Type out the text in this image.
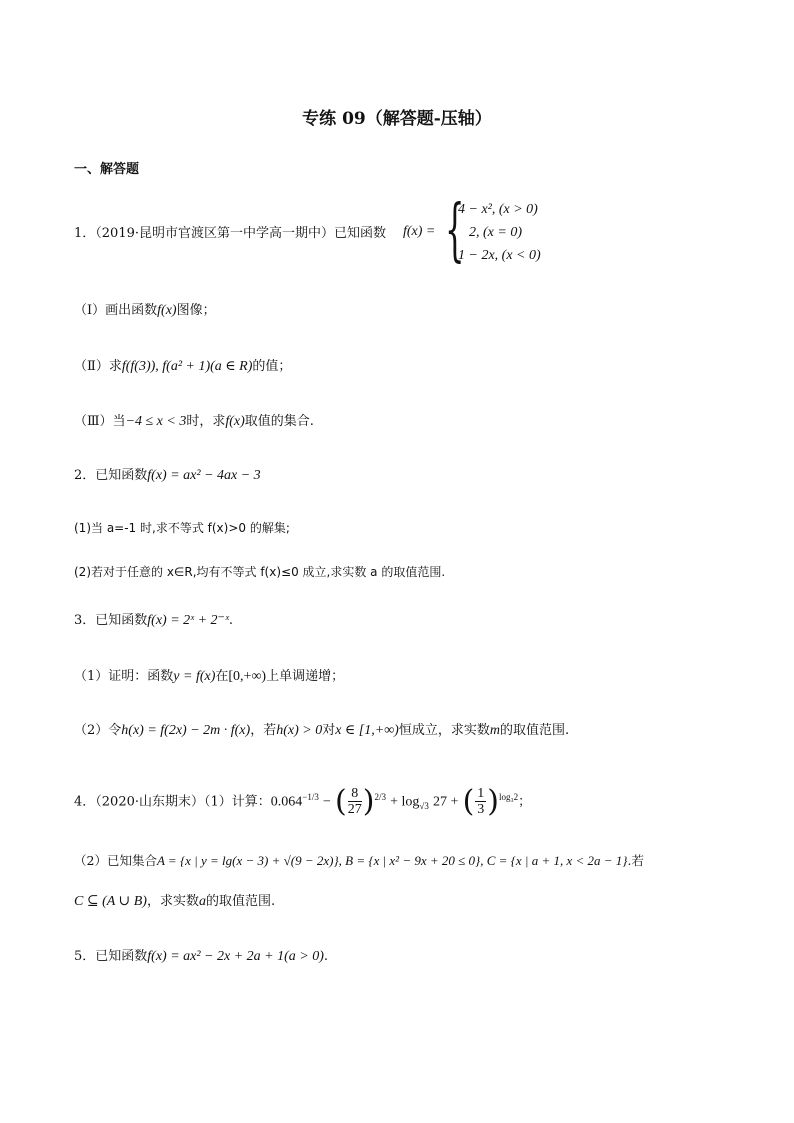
专练 09（解答题-压轴）
一、解答题
1．（2019·昆明市官渡区第一中学高一期中）已知函数 f(x) = {
4 − x², (x > 0)
2, (x = 0)
1 − 2x, (x < 0)
（Ⅰ）画出函数f(x)图像；
（Ⅱ）求f(f(3)), f(a² + 1)(a ∈ R)的值；
（Ⅲ）当−4 ≤ x < 3时，求f(x)取值的集合.
2．已知函数f(x) = ax² − 4ax − 3
(1)当 a=-1 时,求不等式 f(x)>0 的解集;
(2)若对于任意的 x∈R,均有不等式 f(x)≤0 成立,求实数 a 的取值范围.
3．已知函数f(x) = 2ˣ + 2⁻ˣ.
（1）证明：函数y = f(x)在[0,+∞)上单调递增；
（2）令h(x) = f(2x) − 2m · f(x)，若h(x) > 0对x ∈ [1,+∞)恒成立，求实数m的取值范围.
4．（2020·山东期末）（1）计算：$0.064^{-1/3}$ − ( $\frac{8}{27} )^{2/3} + \log_{√3} 27$ + ( $\frac{1}{3} )^{log_32}$；
（2）已知集合A = {x | y = lg(x − 3) + √(9 − 2x)}, B = {x | x² − 9x + 20 ≤ 0}, C = {x | a + 1, x < 2a − 1}.若
C ⊆ (A ∪ B)，求实数a的取值范围.
5．已知函数f(x) = ax² − 2x + 2a + 1(a > 0).
